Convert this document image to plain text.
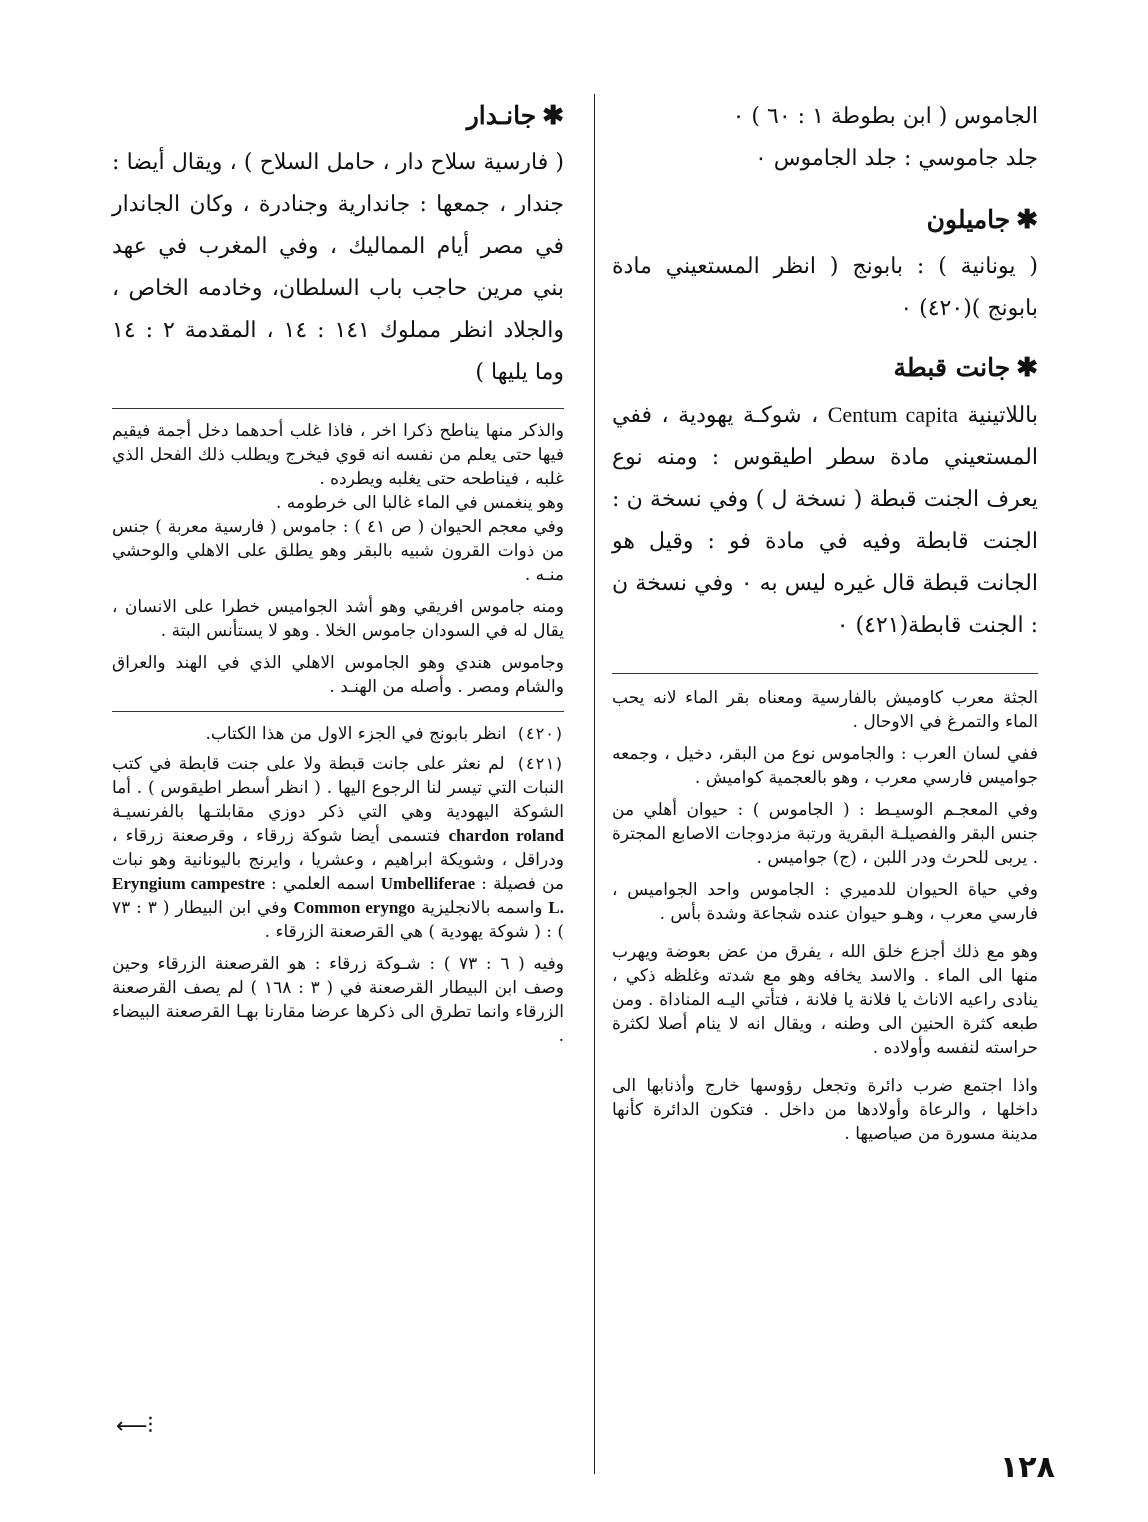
الجاموس ( ابن بطوطة ١ : ٦٠ ) ٠

جلد جاموسي : جلد الجاموس ٠

✱جاميلون

( يونانية ) : بابونج ( انظر المستعيني مادة بابونج )(٤٢٠) ٠

✱جانت قبطة

باللاتينية Centum capita ، شوكـة يهودية ، ففي المستعيني مادة سطر اطيقوس : ومنه نوع يعرف الجنت قبطة ( نسخة ل ) وفي نسخة ن : الجنت قابطة وفيه في مادة فو : وقيل هو الجانت قبطة قال غيره ليس به ٠ وفي نسخة ن : الجنت قابطة(٤٢١) ٠

الجثة معرب كاوميش بالفارسية ومعناه بقر الماء لانه يحب الماء والتمرغ في الاوحال .

ففي لسان العرب : والجاموس نوع من البقر، دخيل ، وجمعه جواميس فارسي معرب ، وهو بالعجمية كواميش .

وفي المعجـم الوسيـط : ( الجاموس ) : حيوان أهلي من جنس البقر والفصيلـة البقرية ورتبة مزدوجات الاصابع المجترة . يربى للحرث ودر اللبن ، (ج) جواميس .

وفي حياة الحيوان للدميري : الجاموس واحد الجواميس ، فارسي معرب ، وهـو حيوان عنده شجاعة وشدة بأس .

وهو مع ذلك أجزع خلق الله ، يفرق من عض بعوضة ويهرب منها الى الماء . والاسد يخافه وهو مع شدته وغلظه ذكي ، ينادى راعيه الاناث يا فلانة يا فلانة ، فتأتي اليـه المناداة . ومن طبعه كثرة الحنين الى وطنه ، ويقال انه لا ينام أصلا لكثرة حراسته لنفسه وأولاده .

واذا اجتمع ضرب دائرة وتجعل رؤوسها خارج وأذنابها الى داخلها ، والرعاة وأولادها من داخل . فتكون الدائرة كأنها مدينة مسورة من صياصيها .

✱جانـدار

( فارسية سلاح دار ، حامل السلاح ) ، ويقال أيضا : جندار ، جمعها : جاندارية وجنادرة ، وكان الجاندار في مصر أيام المماليك ، وفي المغرب في عهد بني مرين حاجب باب السلطان، وخادمه الخاص ، والجلاد انظر مملوك ١٤١ : ١٤ ، المقدمة ٢ : ١٤ وما يليها )

والذكر منها يناطح ذكرا اخر ، فاذا غلب أحدهما دخل أجمة فيقيم فيها حتى يعلم من نفسه انه قوي فيخرج ويطلب ذلك الفحل الذي غلبه ، فيناطحه حتى يغلبه ويطرده .

وهو ينغمس في الماء غالبا الى خرطومه .

وفي معجم الحيوان ( ص ٤١ ) : جاموس ( فارسية معربة ) جنس من ذوات القرون شبيه بالبقر وهو يطلق على الاهلي والوحشي منـه .

ومنه جاموس افريقي وهو أشد الجواميس خطرا على الانسان ، يقال له في السودان جاموس الخلا . وهو لا يستأنس البتة .

وجاموس هندي وهو الجاموس الاهلي الذي في الهند والعراق والشام ومصر . وأصله من الهنـد .

(٤٢٠) انظر بابونج في الجزء الاول من هذا الكتاب.

(٤٢١) لم نعثر على جانت قبطة ولا على جنت قابطة في كتب النبات التي تيسر لنا الرجوع اليها . ( انظر أسطر اطيقوس ) . أما الشوكة اليهودية وهي التي ذكر دوزي مقابلتـها بالفرنسيـة chardon roland فتسمى أيضا شوكة زرقاء ، وقرصعنة زرقاء ، ودراقل ، وشويكة ابراهيم ، وعشريا ، وايرنج باليونانية وهو نبات من فصيلة : Umbelliferae اسمه العلمي : Eryngium campestre L. واسمه بالانجليزية Common eryngo وفي ابن البيطار ( ٣ : ٧٣ ) : ( شوكة يهودية ) هي القرصعنة الزرقاء .

وفيه ( ٦ : ٧٣ ) : شـوكة زرقاء : هو القرصعنة الزرقاء وحين وصف ابن البيطار القرصعنة في ( ٣ : ١٦٨ ) لم يصف القرصعنة الزرقاء وانما تطرق الى ذكرها عرضا مقارنا بهـا القرصعنة البيضاء .

⟵⫶
١٢٨
